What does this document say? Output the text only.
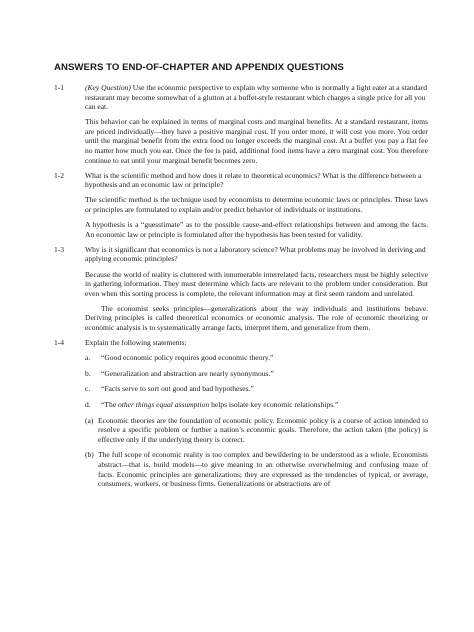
ANSWERS TO END-OF-CHAPTER AND APPENDIX QUESTIONS
1-1	(Key Question) Use the economic perspective to explain why someone who is normally a light eater at a standard restaurant may become somewhat of a glutton at a buffet-style restaurant which charges a single price for all you can eat.
This behavior can be explained in terms of marginal costs and marginal benefits. At a standard restaurant, items are priced individually—they have a positive marginal cost. If you order more, it will cost you more. You order until the marginal benefit from the extra food no longer exceeds the marginal cost. At a buffet you pay a flat fee no matter how much you eat. Once the fee is paid, additional food items have a zero marginal cost. You therefore continue to eat until your marginal benefit becomes zero.
1-2	What is the scientific method and how does it relate to theoretical economics? What is the difference between a hypothesis and an economic law or principle?
The scientific method is the technique used by economists to determine economic laws or principles. These laws or principles are formulated to explain and/or predict behavior of individuals or institutions.
A hypothesis is a “guesstimate” as to the possible cause-and-effect relationships between and among the facts. An economic law or principle is formulated after the hypothesis has been tested for validity.
1-3	Why is it significant that economics is not a laboratory science? What problems may be involved in deriving and applying economic principles?
Because the world of reality is cluttered with innumerable interrelated facts, researchers must be highly selective in gathering information. They must determine which facts are relevant to the problem under consideration. But even when this sorting process is complete, the relevant information may at first seem random and unrelated.
The economist seeks principles—generalizations about the way individuals and institutions behave. Deriving principles is called theoretical economics or economic analysis. The role of economic theorizing or economic analysis is to systematically arrange facts, interpret them, and generalize from them.
1-4	Explain the following statements:
a.	“Good economic policy requires good economic theory.”
b.	“Generalization and abstraction are nearly synonymous.”
c.	“Facts serve to sort out good and bad hypotheses.”
d.	“The other things equal assumption helps isolate key economic relationships.”
(a) Economic theories are the foundation of economic policy. Economic policy is a course of action intended to resolve a specific problem or further a nation’s economic goals. Therefore, the action taken (the policy) is effective only if the underlying theory is correct.
(b) The full scope of economic reality is too complex and bewildering to be understood as a whole. Economists abstract—that is, build models—to give meaning to an otherwise overwhelming and confusing maze of facts. Economic principles are generalizations; they are expressed as the tendencies of typical, or average, consumers, workers, or business firms. Generalizations or abstractions are of
